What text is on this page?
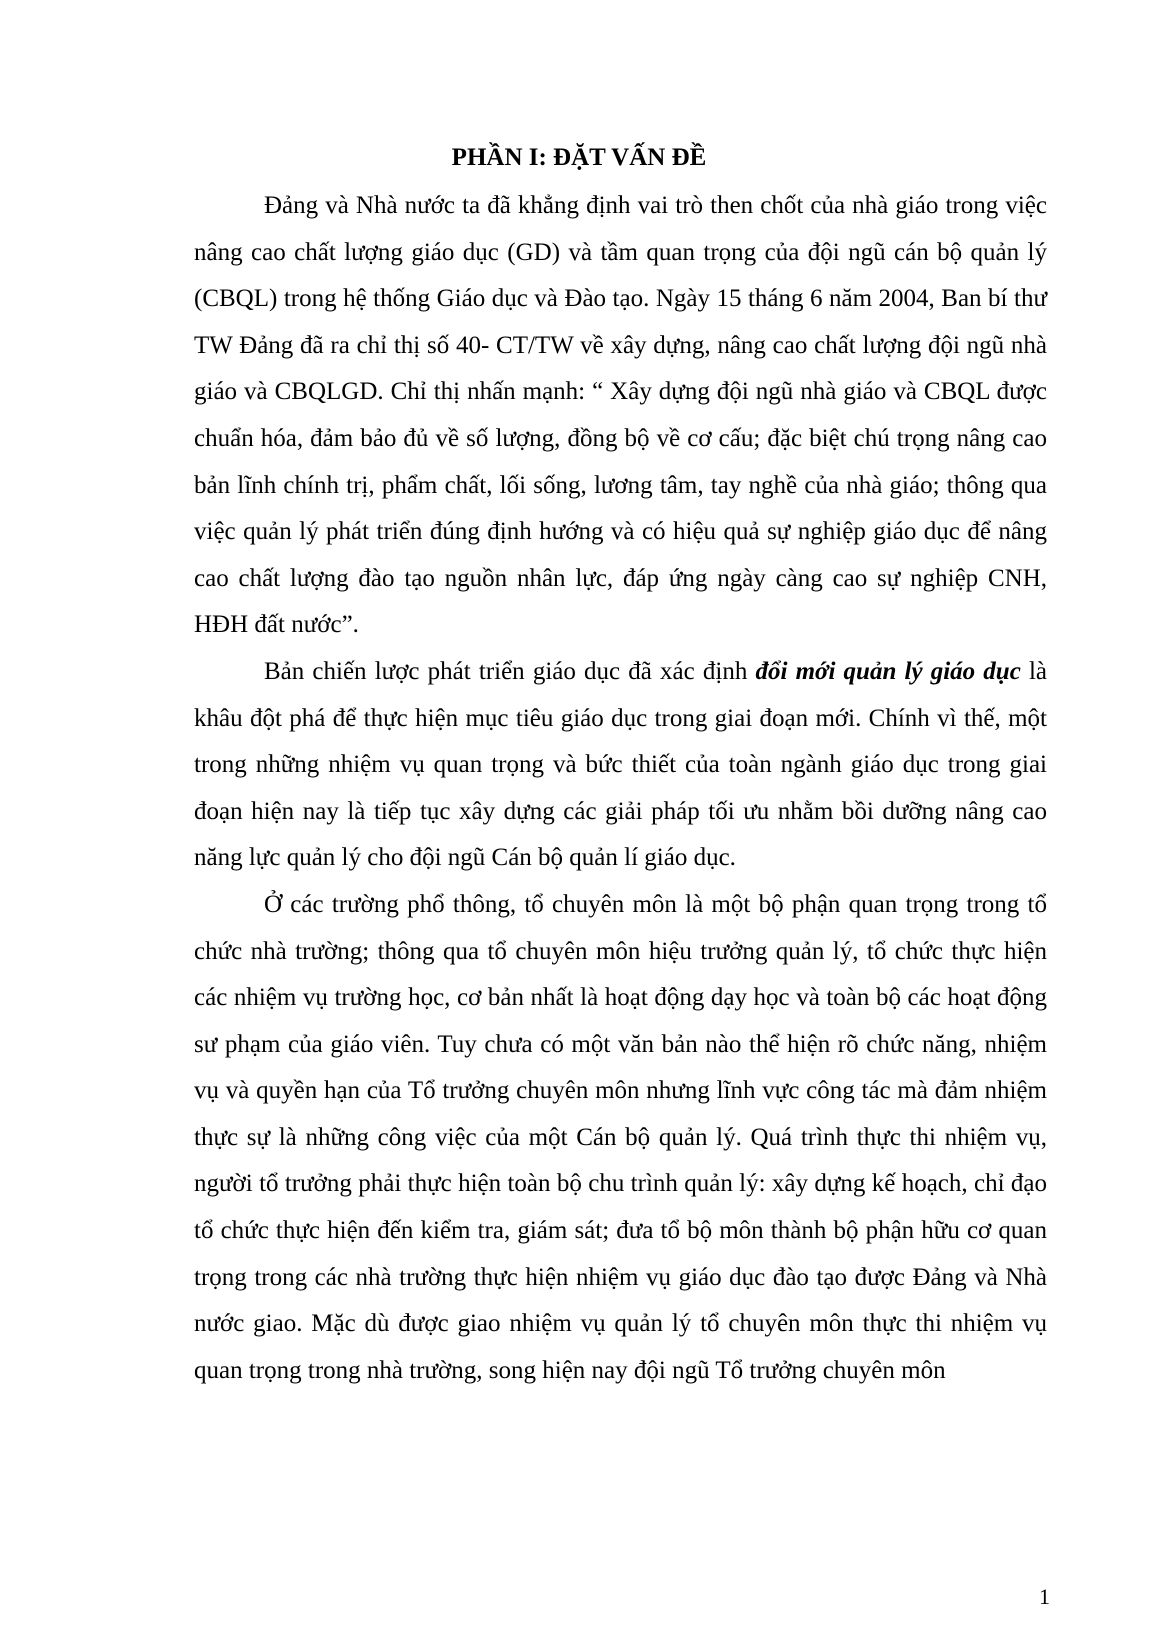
PHẦN I: ĐẶT VẤN ĐỀ

Đảng và Nhà nước ta đã khẳng định vai trò then chốt của nhà giáo trong việc nâng cao chất lượng giáo dục (GD) và tầm quan trọng của đội ngũ cán bộ quản lý (CBQL) trong hệ thống Giáo dục và Đào tạo. Ngày 15 tháng 6 năm 2004, Ban bí thư TW Đảng đã ra chỉ thị số 40- CT/TW về xây dựng, nâng cao chất lượng đội ngũ nhà giáo và CBQLGD. Chỉ thị nhấn mạnh: “ Xây dựng đội ngũ nhà giáo và CBQL được chuẩn hóa, đảm bảo đủ về số lượng, đồng bộ về cơ cấu; đặc biệt chú trọng nâng cao bản lĩnh chính trị, phẩm chất, lối sống, lương tâm, tay nghề của nhà giáo; thông qua việc quản lý phát triển đúng định hướng và có hiệu quả sự nghiệp giáo dục để nâng cao chất lượng đào tạo nguồn nhân lực, đáp ứng ngày càng cao sự nghiệp CNH, HĐH đất nước”.

Bản chiến lược phát triển giáo dục đã xác định đổi mới quản lý giáo dục là khâu đột phá để thực hiện mục tiêu giáo dục trong giai đoạn mới. Chính vì thế, một trong những nhiệm vụ quan trọng và bức thiết của toàn ngành giáo dục trong giai đoạn hiện nay là tiếp tục xây dựng các giải pháp tối ưu nhằm bồi dưỡng nâng cao năng lực quản lý cho đội ngũ Cán bộ quản lí giáo dục.

Ở các trường phổ thông, tổ chuyên môn là một bộ phận quan trọng trong tổ chức nhà trường; thông qua tổ chuyên môn hiệu trưởng quản lý, tổ chức thực hiện các nhiệm vụ trường học, cơ bản nhất là hoạt động dạy học và toàn bộ các hoạt động sư phạm của giáo viên. Tuy chưa có một văn bản nào thể hiện rõ chức năng, nhiệm vụ và quyền hạn của Tổ trưởng chuyên môn nhưng lĩnh vực công tác mà đảm nhiệm thực sự là những công việc của một Cán bộ quản lý. Quá trình thực thi nhiệm vụ, người tổ trưởng phải thực hiện toàn bộ chu trình quản lý: xây dựng kế hoạch, chỉ đạo tổ chức thực hiện đến kiểm tra, giám sát; đưa tổ bộ môn thành bộ phận hữu cơ quan trọng trong các nhà trường thực hiện nhiệm vụ giáo dục đào tạo được Đảng và Nhà nước giao. Mặc dù được giao nhiệm vụ quản lý tổ chuyên môn thực thi nhiệm vụ quan trọng trong nhà trường, song hiện nay đội ngũ Tổ trưởng chuyên môn

1
